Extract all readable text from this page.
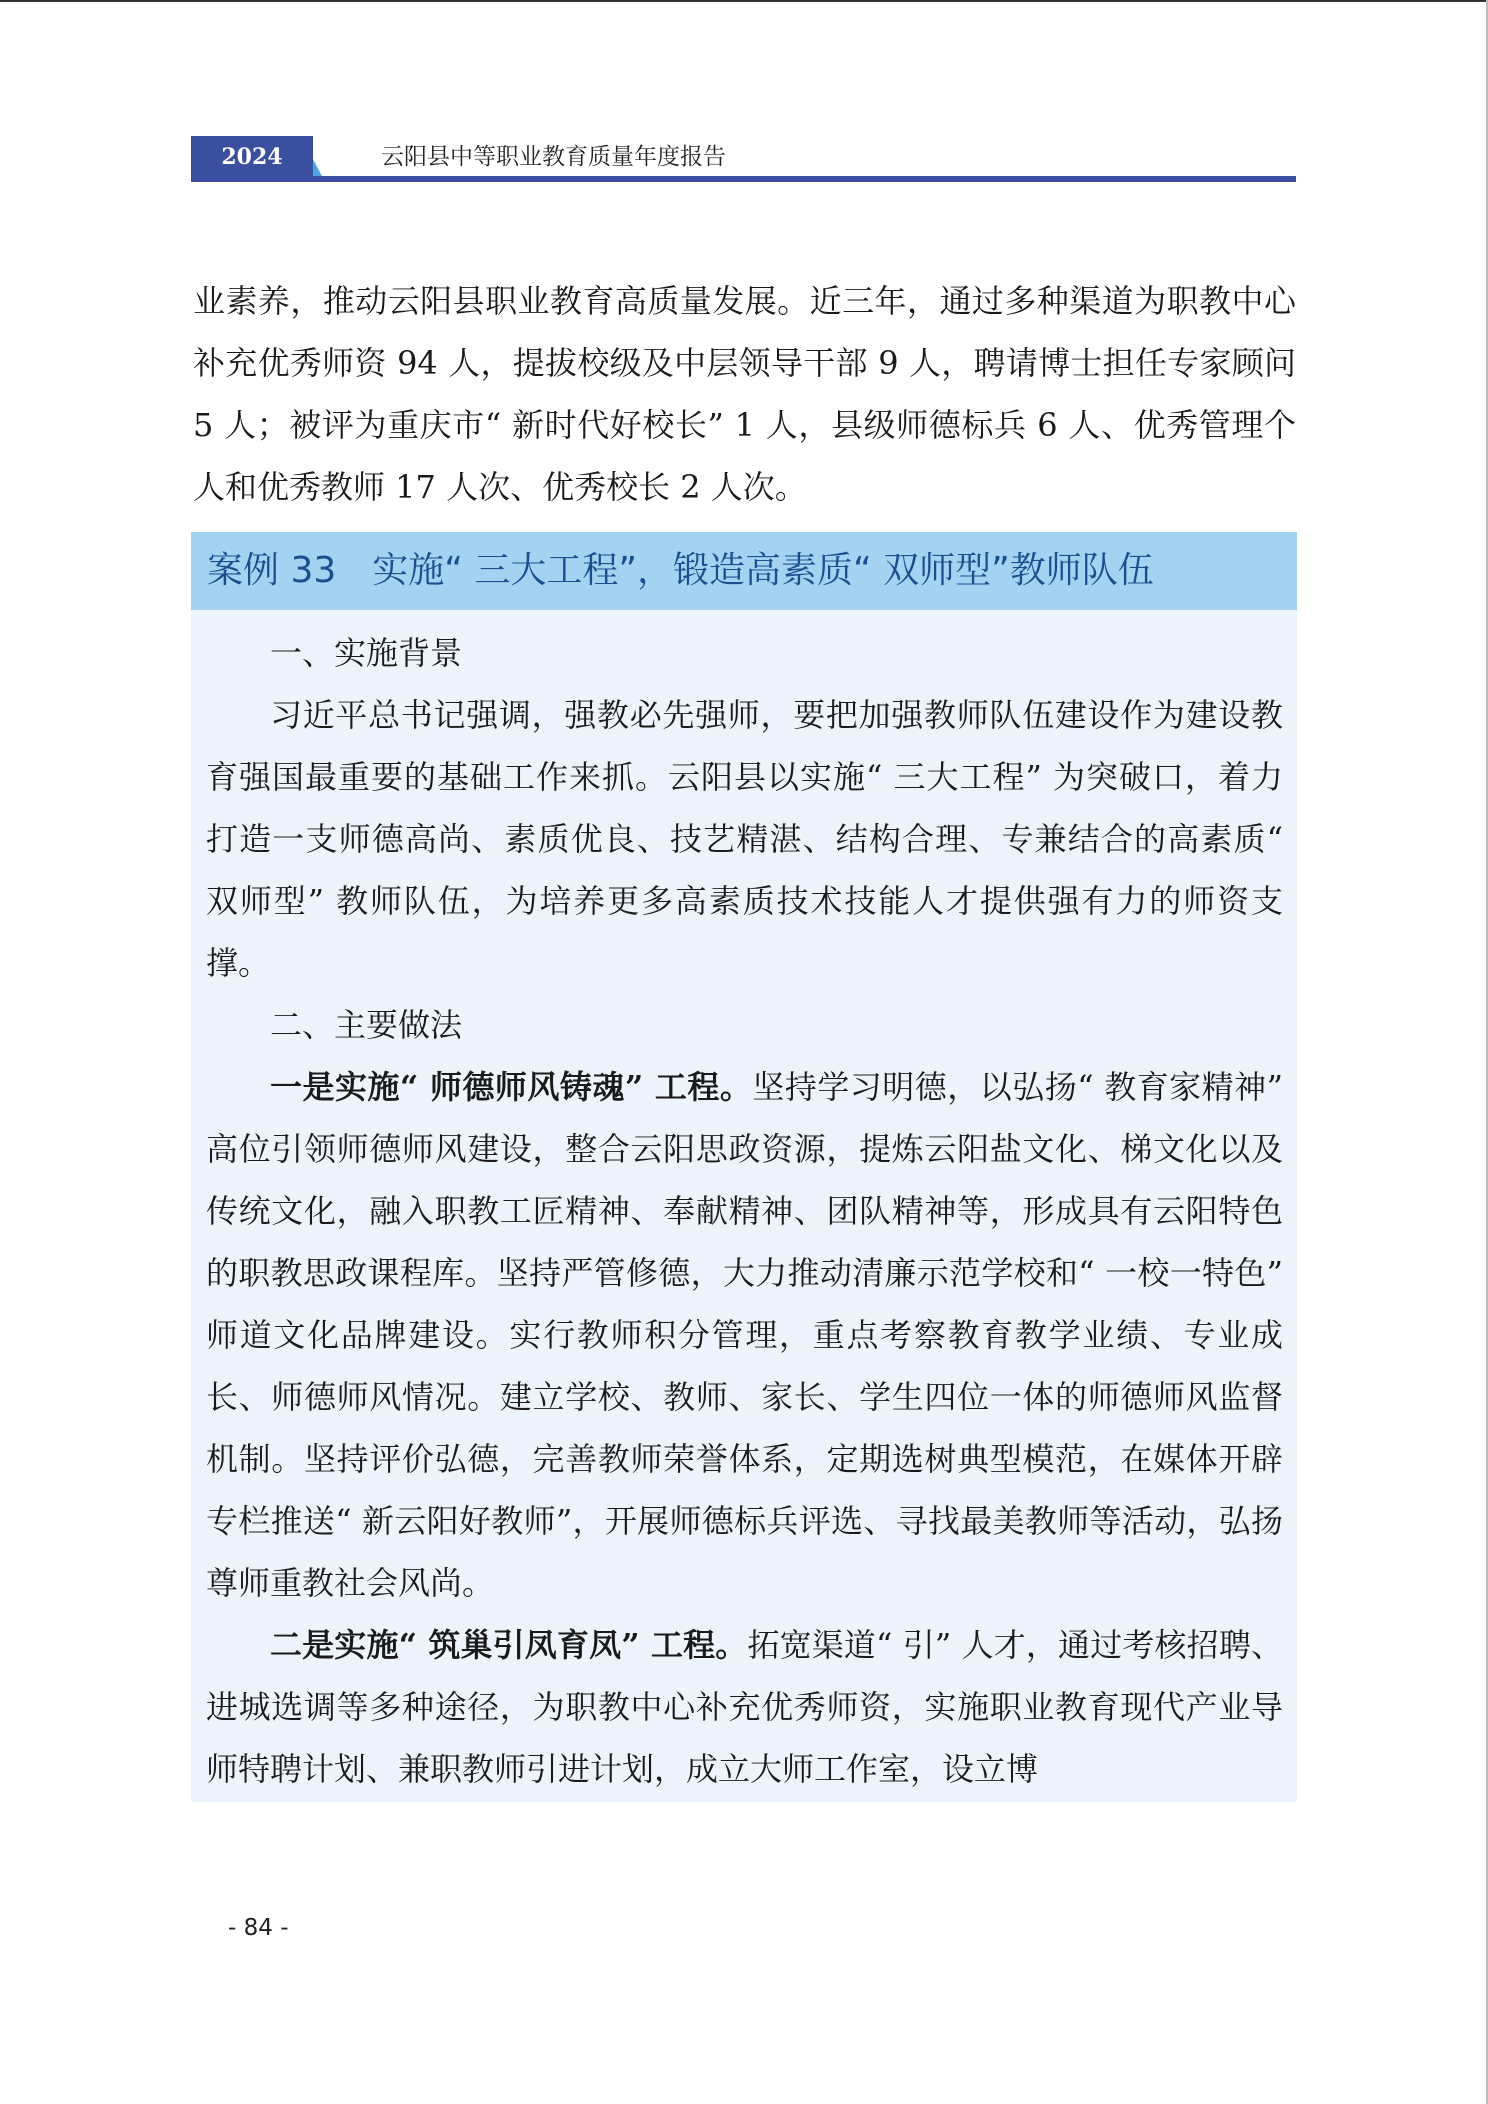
2024	云阳县中等职业教育质量年度报告

业素养，推动云阳县职业教育高质量发展。近三年，通过多种渠道为职教中心补充优秀师资 94 人，提拔校级及中层领导干部 9 人，聘请博士担任专家顾问 5 人；被评为重庆市“ 新时代好校长” 1 人，县级师德标兵 6 人、优秀管理个人和优秀教师 17 人次、优秀校长 2 人次。

案例 33　实施“ 三大工程”，锻造高素质“ 双师型”教师队伍

一、实施背景

习近平总书记强调，强教必先强师，要把加强教师队伍建设作为建设教育强国最重要的基础工作来抓。云阳县以实施“ 三大工程” 为突破口，着力打造一支师德高尚、素质优良、技艺精湛、结构合理、专兼结合的高素质“ 双师型” 教师队伍，为培养更多高素质技术技能人才提供强有力的师资支撑。

二、主要做法

一是实施“ 师德师风铸魂” 工程。坚持学习明德，以弘扬“ 教育家精神” 高位引领师德师风建设，整合云阳思政资源，提炼云阳盐文化、梯文化以及传统文化，融入职教工匠精神、奉献精神、团队精神等，形成具有云阳特色的职教思政课程库。坚持严管修德，大力推动清廉示范学校和“ 一校一特色” 师道文化品牌建设。实行教师积分管理，重点考察教育教学业绩、专业成长、师德师风情况。建立学校、教师、家长、学生四位一体的师德师风监督机制。坚持评价弘德，完善教师荣誉体系，定期选树典型模范，在媒体开辟专栏推送“ 新云阳好教师”，开展师德标兵评选、寻找最美教师等活动，弘扬尊师重教社会风尚。

二是实施“ 筑巢引凤育凤” 工程。拓宽渠道“ 引” 人才，通过考核招聘、进城选调等多种途径，为职教中心补充优秀师资，实施职业教育现代产业导师特聘计划、兼职教师引进计划，成立大师工作室，设立博

- 84 -
